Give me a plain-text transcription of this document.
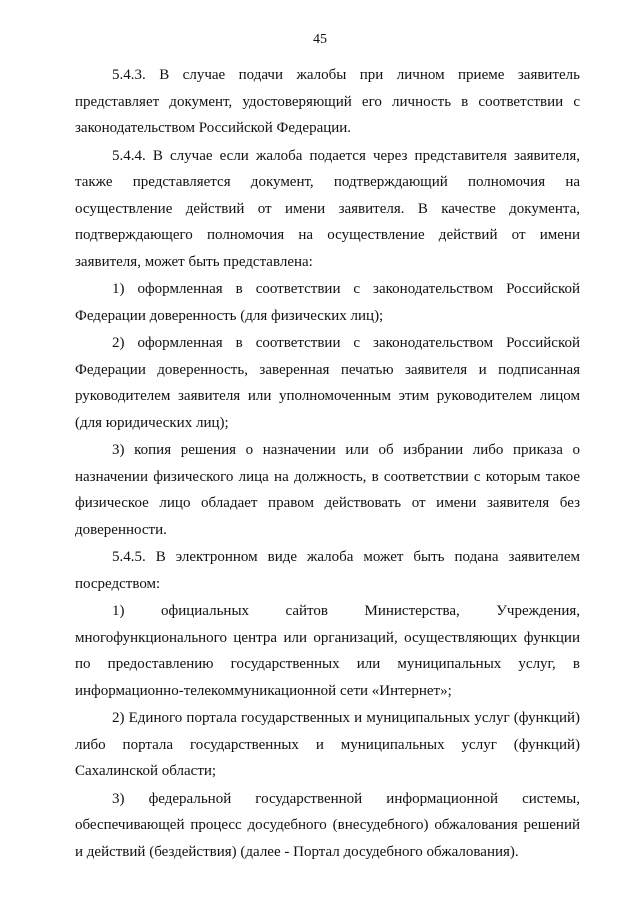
45

5.4.3. В случае подачи жалобы при личном приеме заявитель представляет документ, удостоверяющий его личность в соответствии с законодательством Российской Федерации.

5.4.4. В случае если жалоба подается через представителя заявителя, также представляется документ, подтверждающий полномочия на осуществление действий от имени заявителя. В качестве документа, подтверждающего полномочия на осуществление действий от имени заявителя, может быть представлена:

1) оформленная в соответствии с законодательством Российской Федерации доверенность (для физических лиц);

2) оформленная в соответствии с законодательством Российской Федерации доверенность, заверенная печатью заявителя и подписанная руководителем заявителя или уполномоченным этим руководителем лицом (для юридических лиц);

3) копия решения о назначении или об избрании либо приказа о назначении физического лица на должность, в соответствии с которым такое физическое лицо обладает правом действовать от имени заявителя без доверенности.

5.4.5. В электронном виде жалоба может быть подана заявителем посредством:

1) официальных сайтов Министерства, Учреждения, многофункционального центра или организаций, осуществляющих функции по предоставлению государственных или муниципальных услуг, в информационно-телекоммуникационной сети «Интернет»;

2) Единого портала государственных и муниципальных услуг (функций) либо портала государственных и муниципальных услуг (функций) Сахалинской области;

3) федеральной государственной информационной системы, обеспечивающей процесс досудебного (внесудебного) обжалования решений и действий (бездействия) (далее - Портал досудебного обжалования).
